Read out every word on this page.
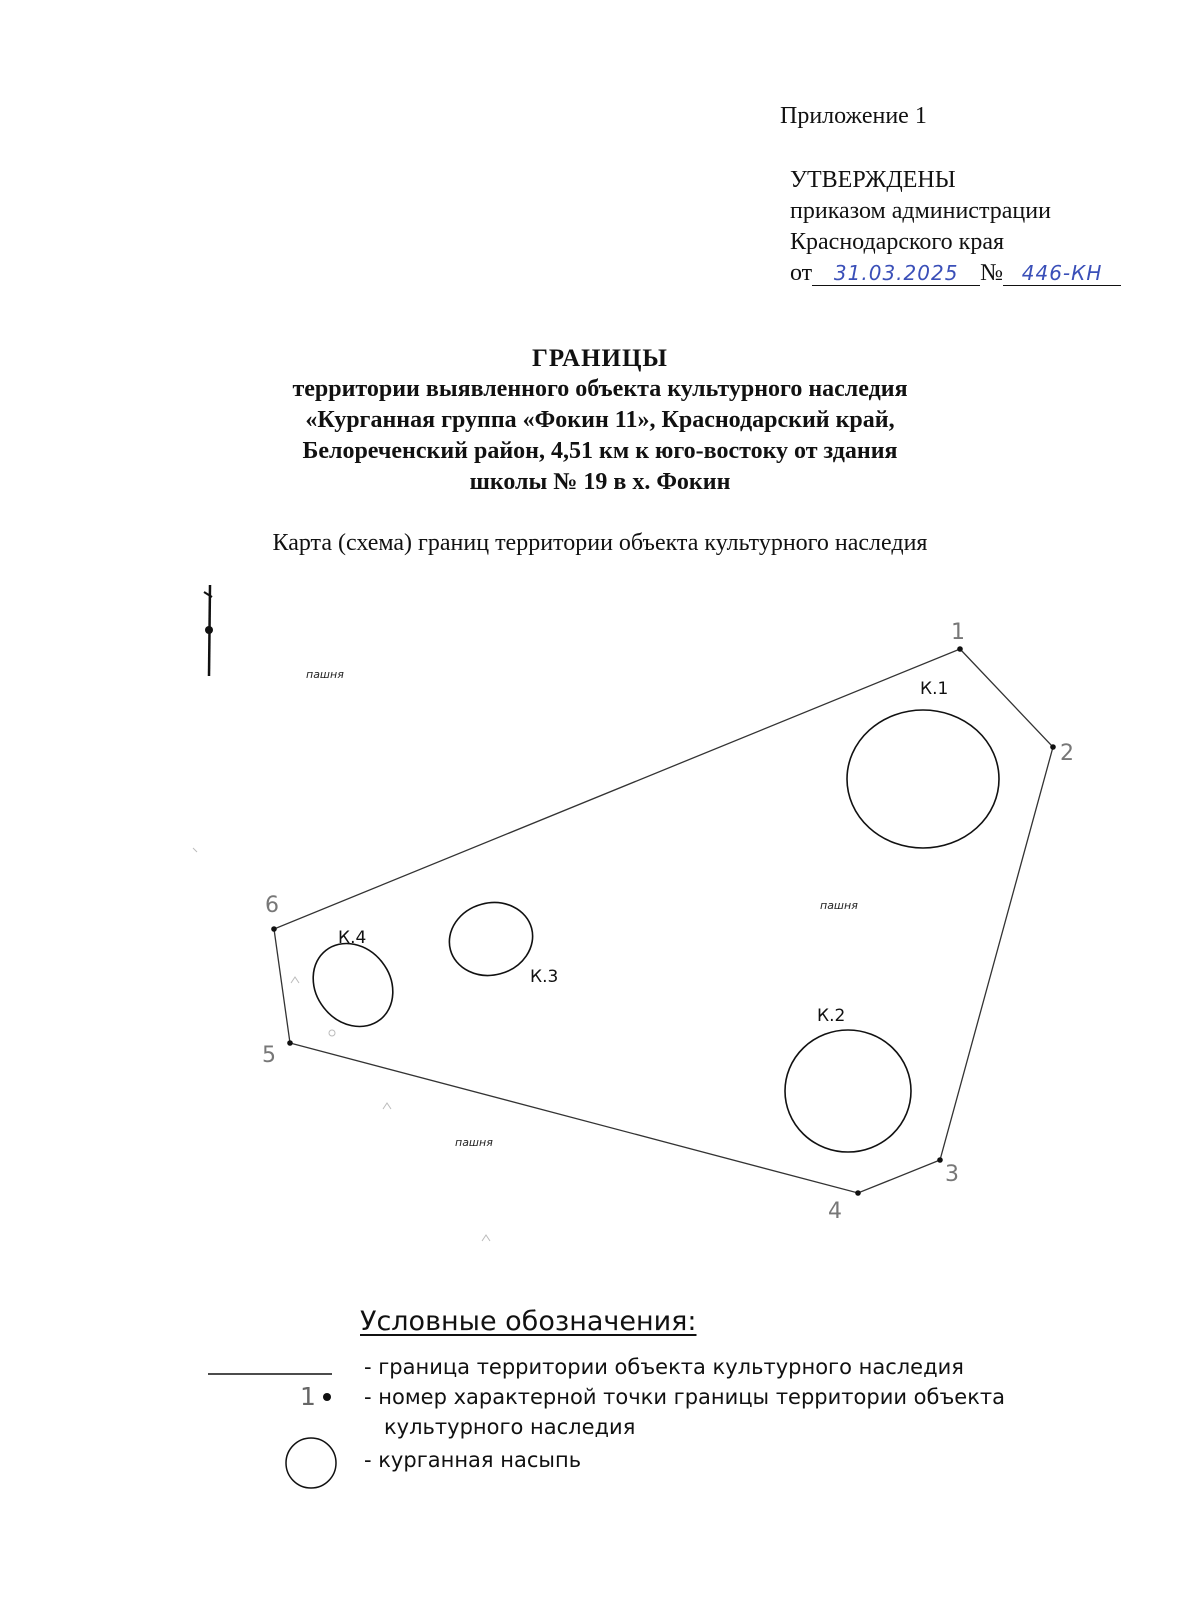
Приложение 1
УТВЕРЖДЕНЫ
приказом администрации
Краснодарского края
от 31.03.2025 № 446-КН
ГРАНИЦЫ
территории выявленного объекта культурного наследия
«Курганная группа «Фокин 11», Краснодарский край,
Белореченский район, 4,51 км к юго-востоку от здания
школы № 19 в х. Фокин
Карта (схема) границ территории объекта культурного наследия
1
2
3
4
5
6
К.1
К.2
К.3
К.4
пашня
пашня
пашня
Условные обозначения:
- граница территории объекта культурного наследия
1 - номер характерной точки границы территории объекта
культурного наследия
- курганная насыпь
